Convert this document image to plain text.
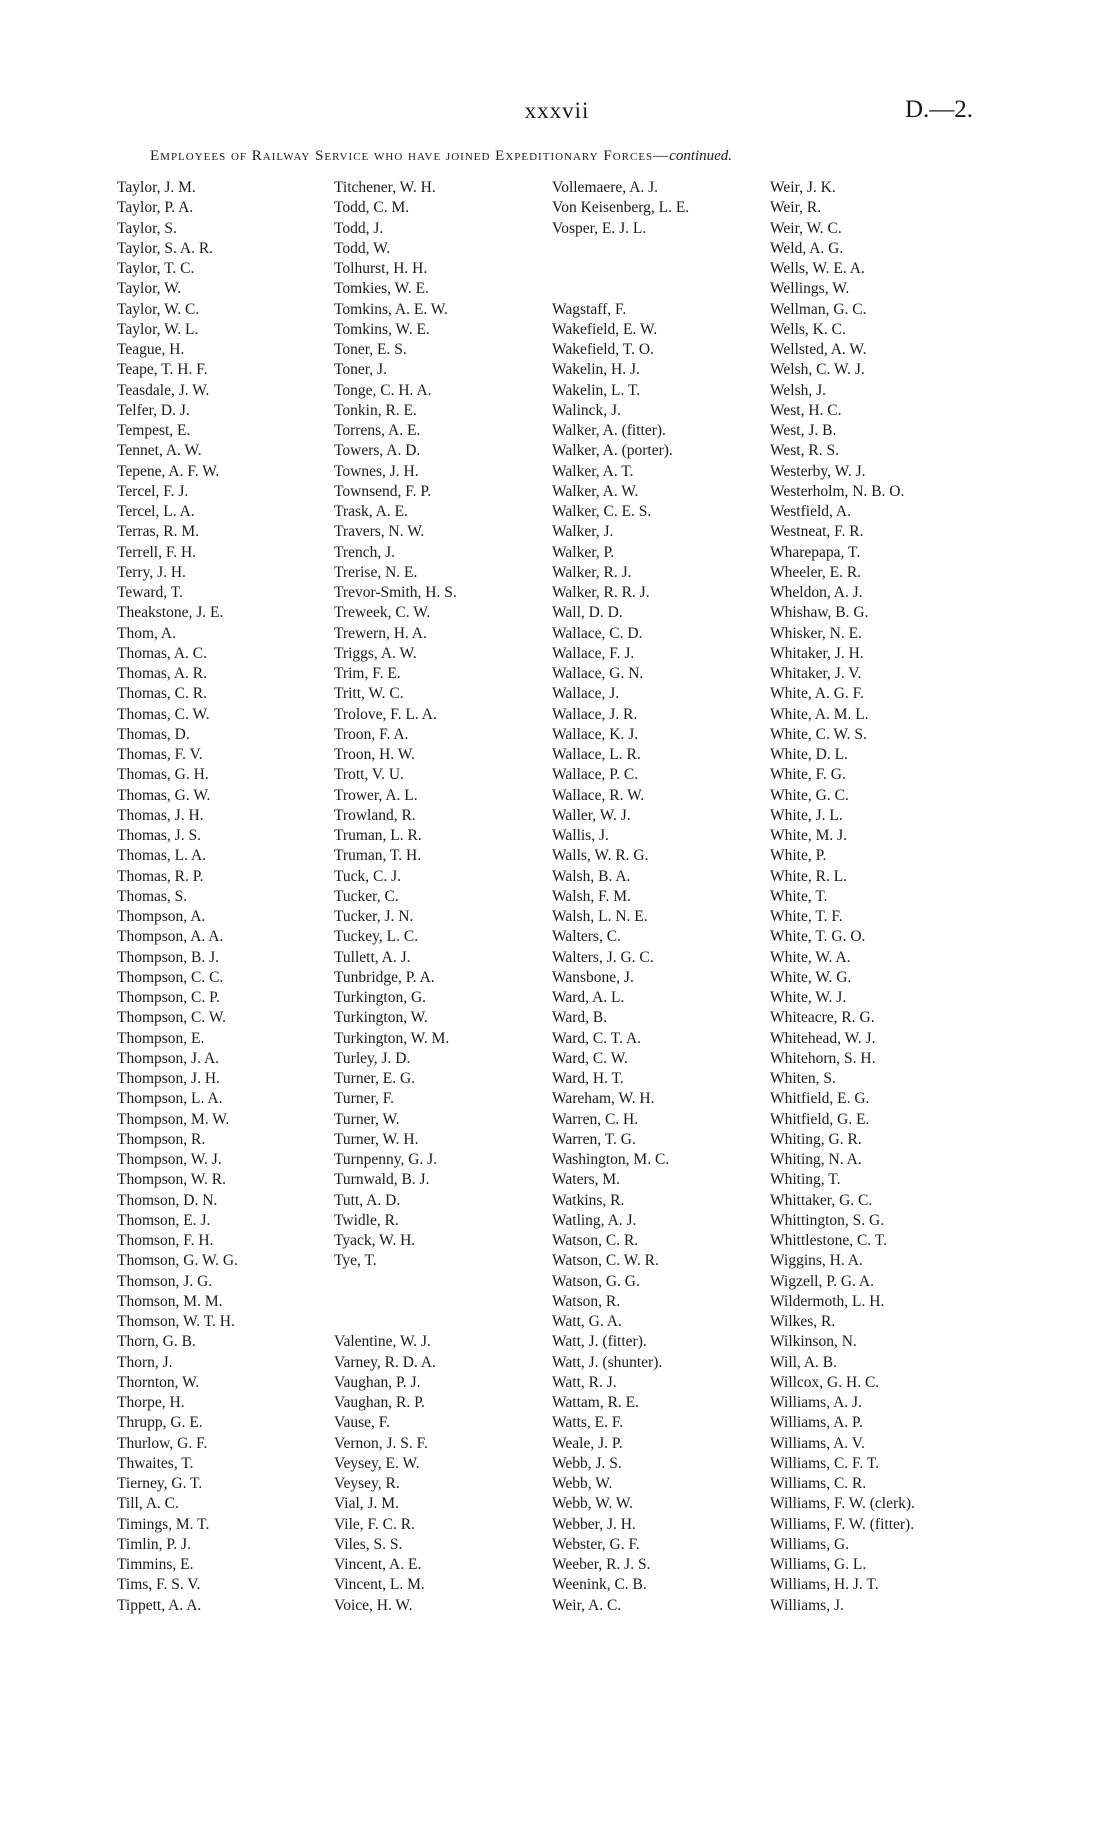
xxxvii	D.—2.
Employees of Railway Service who have joined Expeditionary Forces—continued.
Taylor, J. M.
Taylor, P. A.
Taylor, S.
Taylor, S. A. R.
Taylor, T. C.
Taylor, W.
Taylor, W. C.
Taylor, W. L.
Teague, H.
Teape, T. H. F.
Teasdale, J. W.
Telfer, D. J.
Tempest, E.
Tennet, A. W.
Tepene, A. F. W.
Tercel, F. J.
Tercel, L. A.
Terras, R. M.
Terrell, F. H.
Terry, J. H.
Teward, T.
Theakstone, J. E.
Thom, A.
Thomas, A. C.
Thomas, A. R.
Thomas, C. R.
Thomas, C. W.
Thomas, D.
Thomas, F. V.
Thomas, G. H.
Thomas, G. W.
Thomas, J. H.
Thomas, J. S.
Thomas, L. A.
Thomas, R. P.
Thomas, S.
Thompson, A.
Thompson, A. A.
Thompson, B. J.
Thompson, C. C.
Thompson, C. P.
Thompson, C. W.
Thompson, E.
Thompson, J. A.
Thompson, J. H.
Thompson, L. A.
Thompson, M. W.
Thompson, R.
Thompson, W. J.
Thompson, W. R.
Thomson, D. N.
Thomson, E. J.
Thomson, F. H.
Thomson, G. W. G.
Thomson, J. G.
Thomson, M. M.
Thomson, W. T. H.
Thorn, G. B.
Thorn, J.
Thornton, W.
Thorpe, H.
Thrupp, G. E.
Thurlow, G. F.
Thwaites, T.
Tierney, G. T.
Till, A. C.
Timings, M. T.
Timlin, P. J.
Timmins, E.
Tims, F. S. V.
Tippett, A. A.
Titchener, W. H.
Todd, C. M.
Todd, J.
Todd, W.
Tolhurst, H. H.
Tomkies, W. E.
Tomkins, A. E. W.
Tomkins, W. E.
Toner, E. S.
Toner, J.
Tonge, C. H. A.
Tonkin, R. E.
Torrens, A. E.
Towers, A. D.
Townes, J. H.
Townsend, F. P.
Trask, A. E.
Travers, N. W.
Trench, J.
Trerise, N. E.
Trevor-Smith, H. S.
Treweek, C. W.
Trewern, H. A.
Triggs, A. W.
Trim, F. E.
Tritt, W. C.
Trolove, F. L. A.
Troon, F. A.
Troon, H. W.
Trott, V. U.
Trower, A. L.
Trowland, R.
Truman, L. R.
Truman, T. H.
Tuck, C. J.
Tucker, C.
Tucker, J. N.
Tuckey, L. C.
Tullett, A. J.
Tunbridge, P. A.
Turkington, G.
Turkington, W.
Turkington, W. M.
Turley, J. D.
Turner, E. G.
Turner, F.
Turner, W.
Turner, W. H.
Turnpenny, G. J.
Turnwald, B. J.
Tutt, A. D.
Twidle, R.
Tyack, W. H.
Tye, T.
Valentine, W. J.
Varney, R. D. A.
Vaughan, P. J.
Vaughan, R. P.
Vause, F.
Vernon, J. S. F.
Veysey, E. W.
Veysey, R.
Vial, J. M.
Vile, F. C. R.
Viles, S. S.
Vincent, A. E.
Vincent, L. M.
Voice, H. W.
Vollemaere, A. J.
Von Keisenberg, L. E.
Vosper, E. J. L.
Wagstaff, F.
Wakefield, E. W.
Wakefield, T. O.
Wakelin, H. J.
Wakelin, L. T.
Walinck, J.
Walker, A. (fitter).
Walker, A. (porter).
Walker, A. T.
Walker, A. W.
Walker, C. E. S.
Walker, J.
Walker, P.
Walker, R. J.
Walker, R. R. J.
Wall, D. D.
Wallace, C. D.
Wallace, F. J.
Wallace, G. N.
Wallace, J.
Wallace, J. R.
Wallace, K. J.
Wallace, L. R.
Wallace, P. C.
Wallace, R. W.
Waller, W. J.
Wallis, J.
Walls, W. R. G.
Walsh, B. A.
Walsh, F. M.
Walsh, L. N. E.
Walters, C.
Walters, J. G. C.
Wansbone, J.
Ward, A. L.
Ward, B.
Ward, C. T. A.
Ward, C. W.
Ward, H. T.
Wareham, W. H.
Warren, C. H.
Warren, T. G.
Washington, M. C.
Waters, M.
Watkins, R.
Watling, A. J.
Watson, C. R.
Watson, C. W. R.
Watson, G. G.
Watson, R.
Watt, G. A.
Watt, J. (fitter).
Watt, J. (shunter).
Watt, R. J.
Wattam, R. E.
Watts, E. F.
Weale, J. P.
Webb, J. S.
Webb, W.
Webb, W. W.
Webber, J. H.
Webster, G. F.
Weeber, R. J. S.
Weenink, C. B.
Weir, A. C.
Weir, J. K.
Weir, R.
Weir, W. C.
Weld, A. G.
Wells, W. E. A.
Wellings, W.
Wellman, G. C.
Wells, K. C.
Wellsted, A. W.
Welsh, C. W. J.
Welsh, J.
West, H. C.
West, J. B.
West, R. S.
Westerby, W. J.
Westerholm, N. B. O.
Westfield, A.
Westneat, F. R.
Wharepapa, T.
Wheeler, E. R.
Wheldon, A. J.
Whishaw, B. G.
Whisker, N. E.
Whitaker, J. H.
Whitaker, J. V.
White, A. G. F.
White, A. M. L.
White, C. W. S.
White, D. L.
White, F. G.
White, G. C.
White, J. L.
White, M. J.
White, P.
White, R. L.
White, T.
White, T. F.
White, T. G. O.
White, W. A.
White, W. G.
White, W. J.
Whiteacre, R. G.
Whitehead, W. J.
Whitehorn, S. H.
Whiten, S.
Whitfield, E. G.
Whitfield, G. E.
Whiting, G. R.
Whiting, N. A.
Whiting, T.
Whittaker, G. C.
Whittington, S. G.
Whittlestone, C. T.
Wiggins, H. A.
Wigzell, P. G. A.
Wildermoth, L. H.
Wilkes, R.
Wilkinson, N.
Will, A. B.
Willcox, G. H. C.
Williams, A. J.
Williams, A. P.
Williams, A. V.
Williams, C. F. T.
Williams, C. R.
Williams, F. W. (clerk).
Williams, F. W. (fitter).
Williams, G.
Williams, G. L.
Williams, H. J. T.
Williams, J.
